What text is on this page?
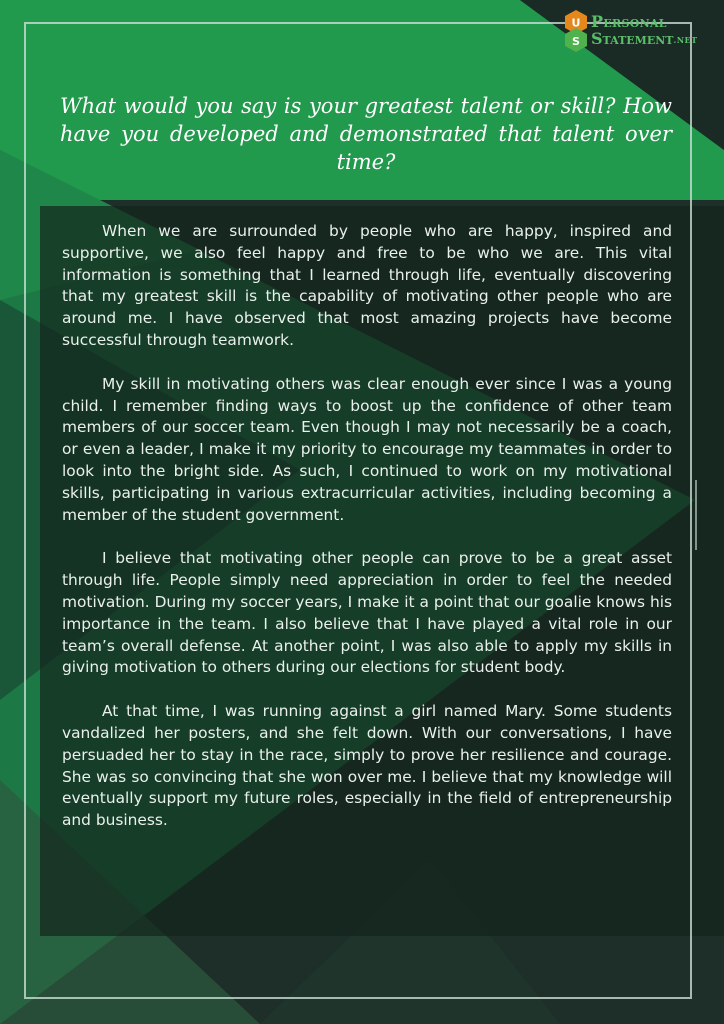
U
S
Personal
Statement.NET
What would you say is your greatest talent or skill? How have you developed and demonstrated that talent over time?

When we are surrounded by people who are happy, inspired and supportive, we also feel happy and free to be who we are. This vital information is something that I learned through life, eventually discovering that my greatest skill is the capability of motivating other people who are around me. I have observed that most amazing projects have become successful through teamwork.

My skill in motivating others was clear enough ever since I was a young child. I remember finding ways to boost up the confidence of other team members of our soccer team. Even though I may not necessarily be a coach, or even a leader, I make it my priority to encourage my teammates in order to look into the bright side. As such, I continued to work on my motivational skills, participating in various extracurricular activities, including becoming a member of the student government.

I believe that motivating other people can prove to be a great asset through life. People simply need appreciation in order to feel the needed motivation. During my soccer years, I make it a point that our goalie knows his importance in the team. I also believe that I have played a vital role in our team’s overall defense. At another point, I was also able to apply my skills in giving motivation to others during our elections for student body.

At that time, I was running against a girl named Mary. Some students vandalized her posters, and she felt down. With our conversations, I have persuaded her to stay in the race, simply to prove her resilience and courage. She was so convincing that she won over me. I believe that my knowledge will eventually support my future roles, especially in the field of entrepreneurship and business.
